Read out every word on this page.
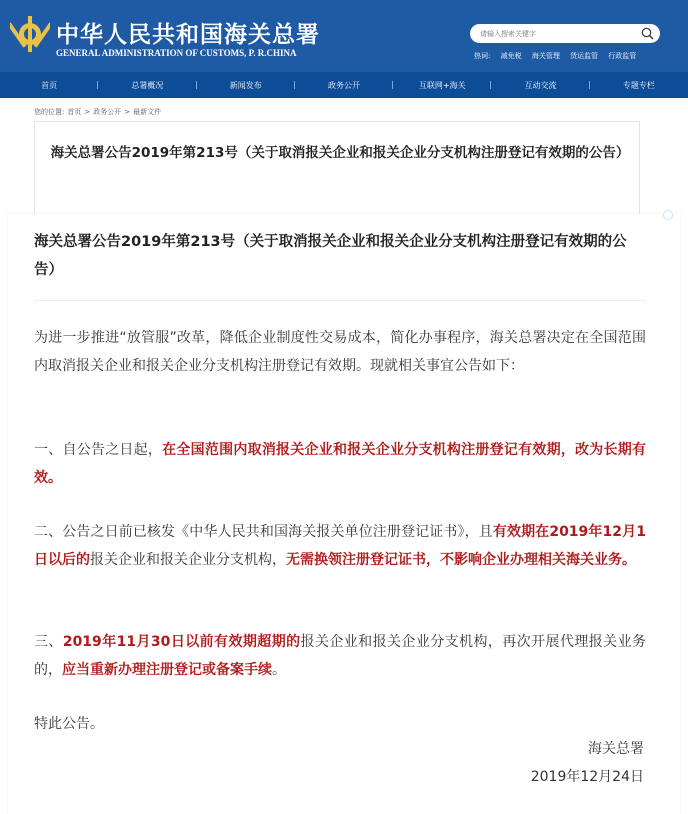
中华人民共和国海关总署
GENERAL ADMINISTRATION OF CUSTOMS, P. R.CHINA
请输入搜索关键字	热词: 减免税 海关管理 货运监管 行政监管
首页	总署概况	新闻发布	政务公开	互联网+海关	互动交流	专题专栏
您的位置: 首页 > 政务公开 > 最新文件
海关总署公告2019年第213号（关于取消报关企业和报关企业分支机构注册登记有效期的公告）
海关总署公告2019年第213号（关于取消报关企业和报关企业分支机构注册登记有效期的公告）
为进一步推进“放管服”改革，降低企业制度性交易成本，简化办事程序，海关总署决定在全国范围内取消报关企业和报关企业分支机构注册登记有效期。现就相关事宜公告如下：
一、自公告之日起，在全国范围内取消报关企业和报关企业分支机构注册登记有效期，改为长期有效。
二、公告之日前已核发《中华人民共和国海关报关单位注册登记证书》，且有效期在2019年12月1日以后的报关企业和报关企业分支机构，无需换领注册登记证书，不影响企业办理相关海关业务。
三、2019年11月30日以前有效期超期的报关企业和报关企业分支机构，再次开展代理报关业务的，应当重新办理注册登记或备案手续。
特此公告。
海关总署
2019年12月24日
